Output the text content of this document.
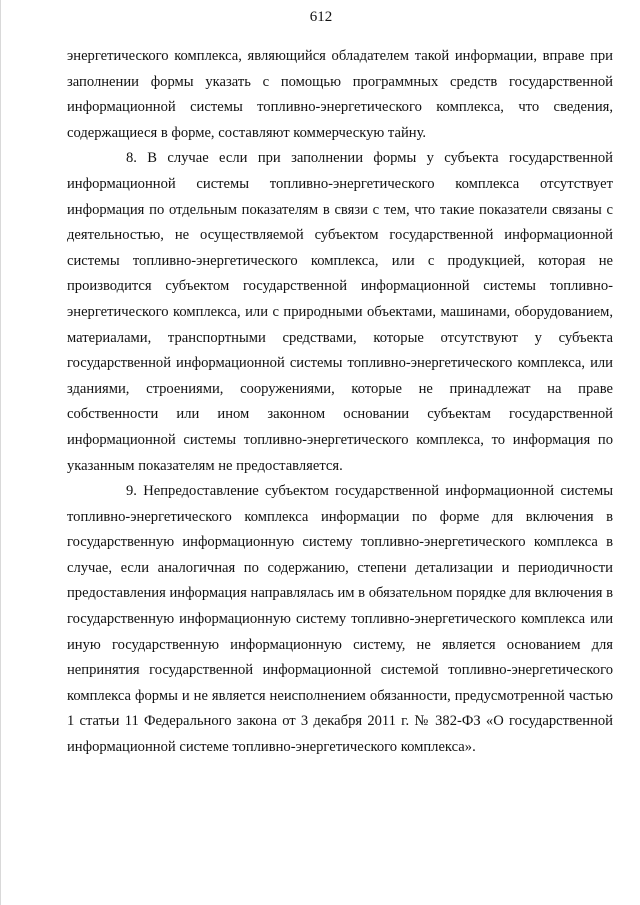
612

энергетического комплекса, являющийся обладателем такой информации, вправе при заполнении формы указать с помощью программных средств государственной информационной системы топливно-энергетического комплекса, что сведения, содержащиеся в форме, составляют коммерческую тайну.

8. В случае если при заполнении формы у субъекта государственной информационной системы топливно-энергетического комплекса отсутствует информация по отдельным показателям в связи с тем, что такие показатели связаны с деятельностью, не осуществляемой субъектом государственной информационной системы топливно-энергетического комплекса, или с продукцией, которая не производится субъектом государственной информационной системы топливно-энергетического комплекса, или с природными объектами, машинами, оборудованием, материалами, транспортными средствами, которые отсутствуют у субъекта государственной информационной системы топливно-энергетического комплекса, или зданиями, строениями, сооружениями, которые не принадлежат на праве собственности или ином законном основании субъектам государственной информационной системы топливно-энергетического комплекса, то информация по указанным показателям не предоставляется.

9. Непредоставление субъектом государственной информационной системы топливно-энергетического комплекса информации по форме для включения в государственную информационную систему топливно-энергетического комплекса в случае, если аналогичная по содержанию, степени детализации и периодичности предоставления информация направлялась им в обязательном порядке для включения в государственную информационную систему топливно-энергетического комплекса или иную государственную информационную систему, не является основанием для непринятия государственной информационной системой топливно-энергетического комплекса формы и не является неисполнением обязанности, предусмотренной частью 1 статьи 11 Федерального закона от 3 декабря 2011 г. № 382-ФЗ «О государственной информационной системе топливно-энергетического комплекса».
